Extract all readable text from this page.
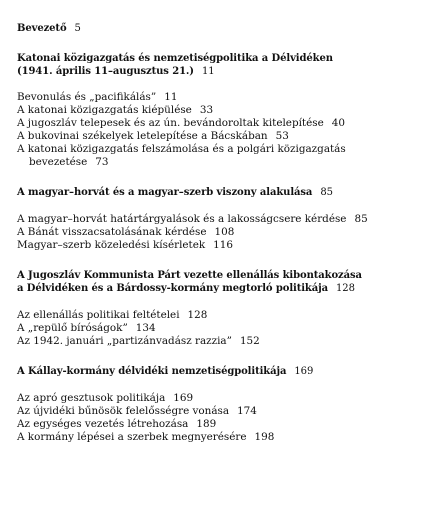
Bevezető 5
Katonai közigazgatás és nemzetiségpolitika a Délvidéken
(1941. április 11–augusztus 21.) 11
Bevonulás és „pacifikálás” 11
A katonai közigazgatás kiépülése 33
A jugoszláv telepesek és az ún. bevándoroltak kitelepítése 40
A bukovinai székelyek letelepítése a Bácskában 53
A katonai közigazgatás felszámolása és a polgári közigazgatás
bevezetése 73
A magyar–horvát és a magyar–szerb viszony alakulása 85
A magyar–horvát határtárgyalások és a lakosságcsere kérdése 85
A Bánát visszacsatolásának kérdése 108
Magyar–szerb közeledési kísérletek 116
A Jugoszláv Kommunista Párt vezette ellenállás kibontakozása
a Délvidéken és a Bárdossy-kormány megtorló politikája 128
Az ellenállás politikai feltételei 128
A „repülő bíróságok” 134
Az 1942. januári „partizánvadász razzia” 152
A Kállay-kormány délvidéki nemzetiségpolitikája 169
Az apró gesztusok politikája 169
Az újvidéki bűnösök felelősségre vonása 174
Az egységes vezetés létrehozása 189
A kormány lépései a szerbek megnyerésére 198
